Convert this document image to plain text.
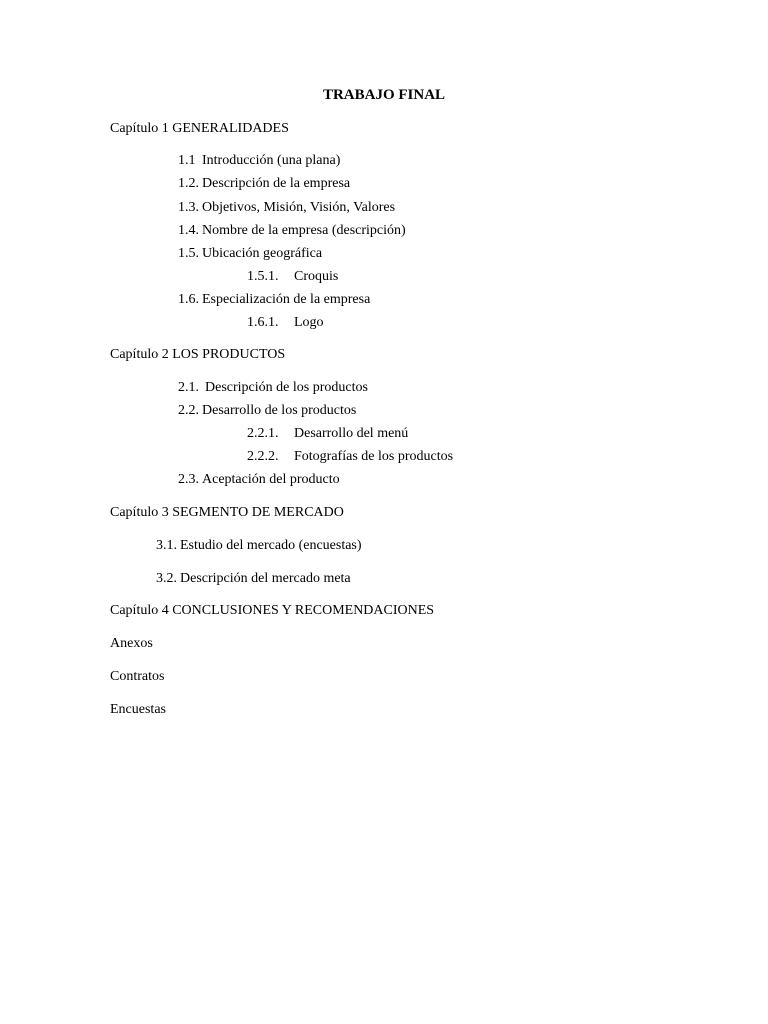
TRABAJO FINAL
Capítulo 1 GENERALIDADES
1.1 Introducción (una plana)
1.2. Descripción de la empresa
1.3. Objetivos, Misión, Visión, Valores
1.4. Nombre de la empresa (descripción)
1.5. Ubicación geográfica
1.5.1. Croquis
1.6. Especialización de la empresa
1.6.1. Logo
Capítulo 2 LOS PRODUCTOS
2.1. Descripción de los productos
2.2. Desarrollo de los productos
2.2.1. Desarrollo del menú
2.2.2. Fotografías de los productos
2.3. Aceptación del producto
Capítulo 3 SEGMENTO DE MERCADO
3.1. Estudio del mercado (encuestas)
3.2. Descripción del mercado meta
Capítulo 4 CONCLUSIONES Y RECOMENDACIONES
Anexos
Contratos
Encuestas
